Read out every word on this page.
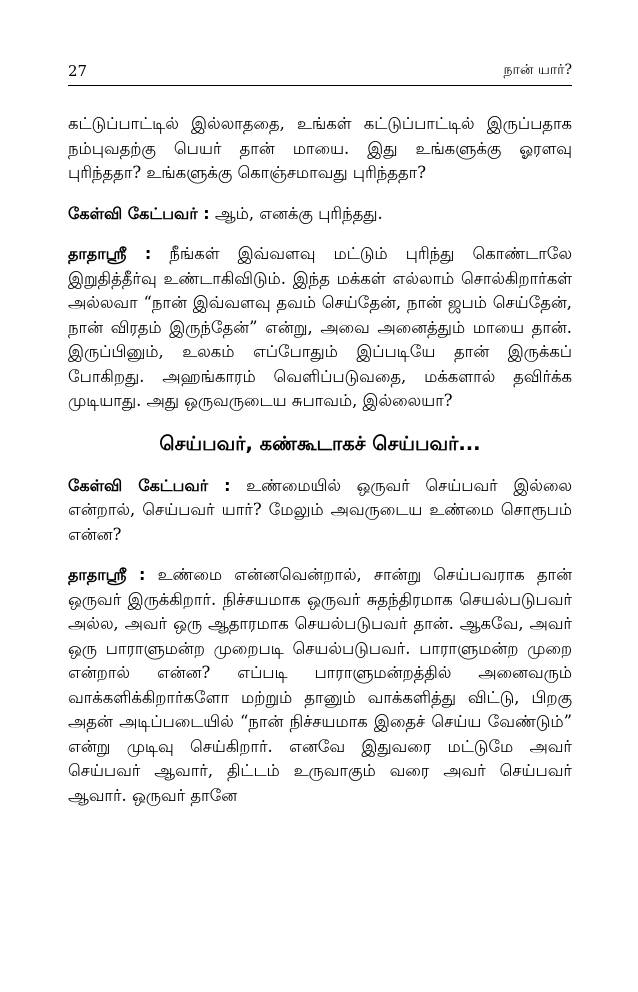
27	நான் யார்?

கட்டுப்பாட்டில் இல்லாததை, உங்கள் கட்டுப்பாட்டில் இருப்பதாக நம்புவதற்கு பெயர் தான் மாயை. இது உங்களுக்கு ஓரளவு புரிந்ததா? உங்களுக்கு கொஞ்சமாவது புரிந்ததா?

கேள்வி கேட்பவர் : ஆம், எனக்கு புரிந்தது.

தாதாஸ்ரீ : நீங்கள் இவ்வளவு மட்டும் புரிந்து கொண்டாலே இறுதித்தீர்வு உண்டாகிவிடும். இந்த மக்கள் எல்லாம் சொல்கிறார்கள் அல்லவா “நான் இவ்வளவு தவம் செய்தேன், நான் ஜபம் செய்தேன், நான் விரதம் இருந்தேன்” என்று, அவை அனைத்தும் மாயை தான். இருப்பினும், உலகம் எப்போதும் இப்படியே தான் இருக்கப் போகிறது. அஹங்காரம் வெளிப்படுவதை, மக்களால் தவிர்க்க முடியாது. அது ஒருவருடைய சுபாவம், இல்லையா?

செய்பவர், கண்கூடாகச் செய்பவர்...

கேள்வி கேட்பவர் : உண்மையில் ஒருவர் செய்பவர் இல்லை என்றால், செய்பவர் யார்? மேலும் அவருடைய உண்மை சொரூபம் என்ன?

தாதாஸ்ரீ : உண்மை என்னவென்றால், சான்று செய்பவராக தான் ஒருவர் இருக்கிறார். நிச்சயமாக ஒருவர் சுதந்திரமாக செயல்படுபவர் அல்ல, அவர் ஒரு ஆதாரமாக செயல்படுபவர் தான். ஆகவே, அவர் ஒரு பாராளுமன்ற முறைபடி செயல்படுபவர். பாராளுமன்ற முறை என்றால் என்ன? எப்படி பாராளுமன்றத்தில் அனைவரும் வாக்களிக்கிறார்களோ மற்றும் தானும் வாக்களித்து விட்டு, பிறகு அதன் அடிப்படையில் “நான் நிச்சயமாக இதைச் செய்ய வேண்டும்” என்று முடிவு செய்கிறார். எனவே இதுவரை மட்டுமே அவர் செய்பவர் ஆவார், திட்டம் உருவாகும் வரை அவர் செய்பவர் ஆவார். ஒருவர் தானே
